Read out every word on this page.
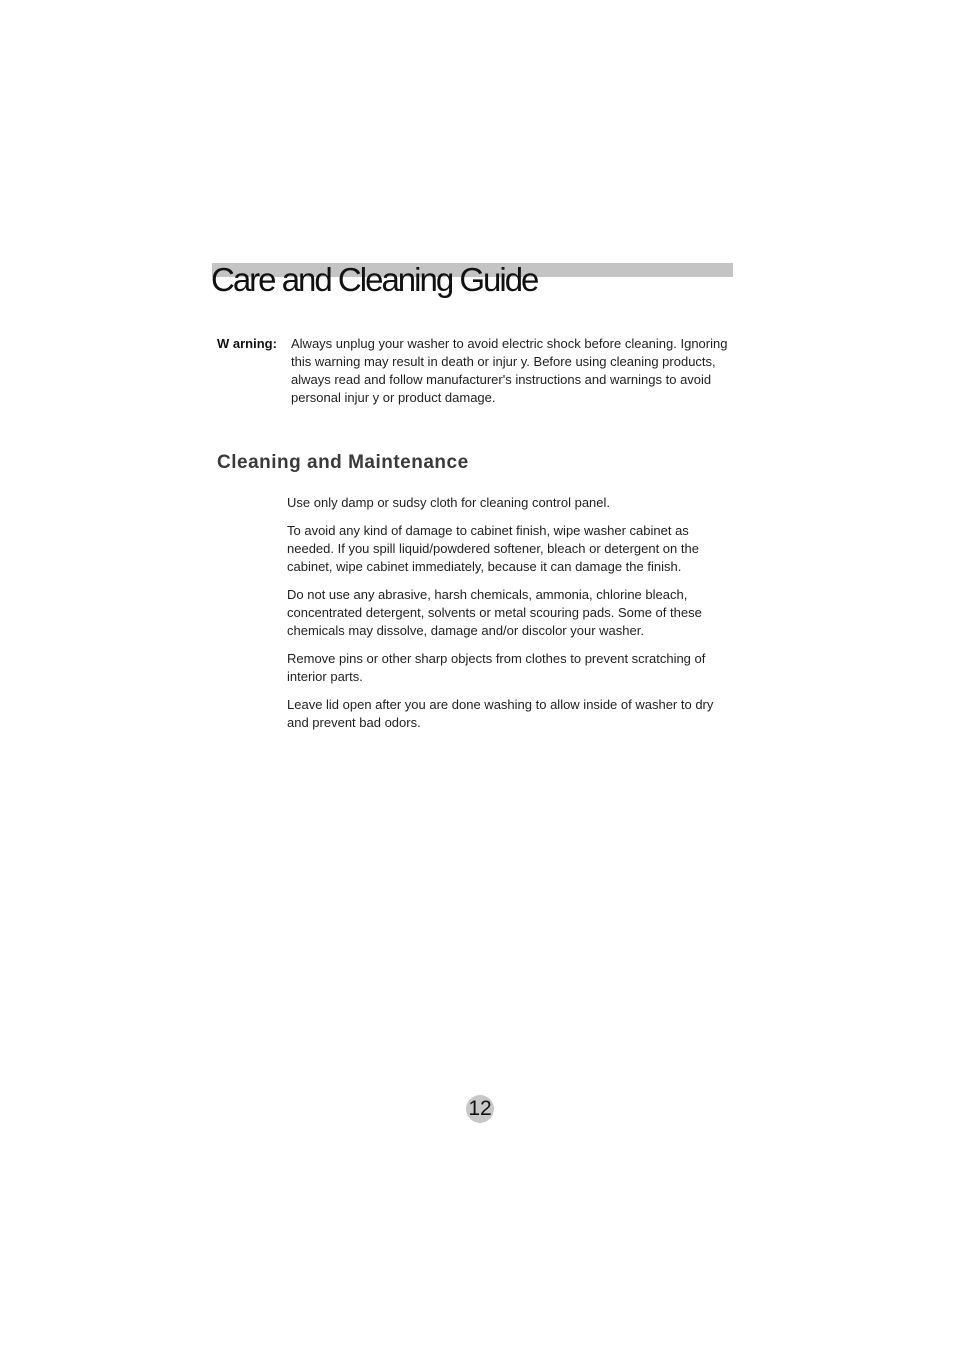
Care and Cleaning Guide
W arning: Always unplug your washer to avoid electric shock before cleaning. Ignoring this warning may result in death or injur y. Before using cleaning products, always read and follow manufacturer's instructions and warnings to avoid personal injur y or product damage.

Cleaning and Maintenance
Use only damp or sudsy cloth for cleaning control panel.
To avoid any kind of damage to cabinet finish, wipe washer cabinet as needed. If you spill liquid/powdered softener, bleach or detergent on the cabinet, wipe cabinet immediately, because it can damage the finish.
Do not use any abrasive, harsh chemicals, ammonia, chlorine bleach, concentrated detergent, solvents or metal scouring pads. Some of these chemicals may dissolve, damage and/or discolor your washer.
Remove pins or other sharp objects from clothes to prevent scratching of interior parts.
Leave lid open after you are done washing to allow inside of washer to dry and prevent bad odors.
12
